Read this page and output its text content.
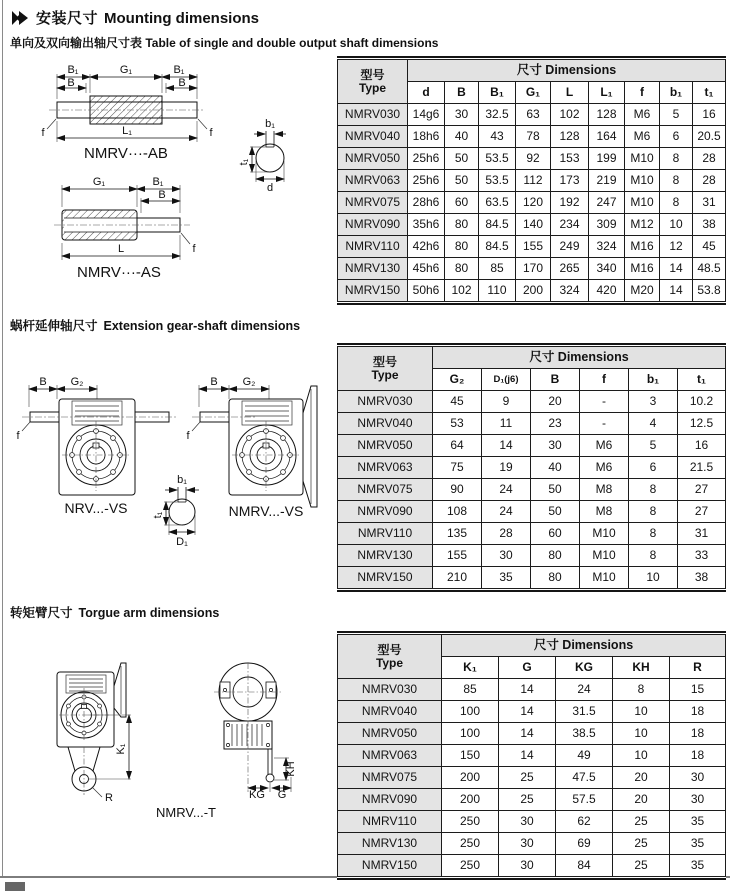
安装尺寸 Mounting dimensions
单向及双向输出轴尺寸表 Table of single and double output shaft dimensions
B₁	G₁	B₁
B	B
L₁
f	f
NMRV···-AB
b₁
t₁
d
G₁	B₁
B
L	f
NMRV···-AS
型号
Type	尺寸 Dimensions								
	d	B	B₁	G₁	L	L₁	f	b₁	t₁
NMRV030	14g6	30	32.5	63	102	128	M6	5	16
NMRV040	18h6	40	43	78	128	164	M6	6	20.5
NMRV050	25h6	50	53.5	92	153	199	M10	8	28
NMRV063	25h6	50	53.5	112	173	219	M10	8	28
NMRV075	28h6	60	63.5	120	192	247	M10	8	31
NMRV090	35h6	80	84.5	140	234	309	M12	10	38
NMRV110	42h6	80	84.5	155	249	324	M16	12	45
NMRV130	45h6	80	85	170	265	340	M16	14	48.5
NMRV150	50h6	102	110	200	324	420	M20	14	53.8
蜗杆延伸轴尺寸 Extension gear-shaft dimensions
B G₂
f
NRV...-VS
B G₂
f
NMRV...-VS
b₁
t₁
D₁
型号
Type	尺寸 Dimensions					
	G₂	D₁(j6)	B	f	b₁	t₁
NMRV030	45	9	20	-	3	10.2
NMRV040	53	11	23	-	4	12.5
NMRV050	64	14	30	M6	5	16
NMRV063	75	19	40	M6	6	21.5
NMRV075	90	24	50	M8	8	27
NMRV090	108	24	50	M8	8	27
NMRV110	135	28	60	M10	8	31
NMRV130	155	30	80	M10	8	33
NMRV150	210	35	80	M10	10	38
转矩臂尺寸 Torgue arm dimensions
R
K₁
KH
KG G
NMRV...-T
型号
Type	尺寸 Dimensions				
	K₁	G	KG	KH	R
NMRV030	85	14	24	8	15
NMRV040	100	14	31.5	10	18
NMRV050	100	14	38.5	10	18
NMRV063	150	14	49	10	18
NMRV075	200	25	47.5	20	30
NMRV090	200	25	57.5	20	30
NMRV110	250	30	62	25	35
NMRV130	250	30	69	25	35
NMRV150	250	30	84	25	35
